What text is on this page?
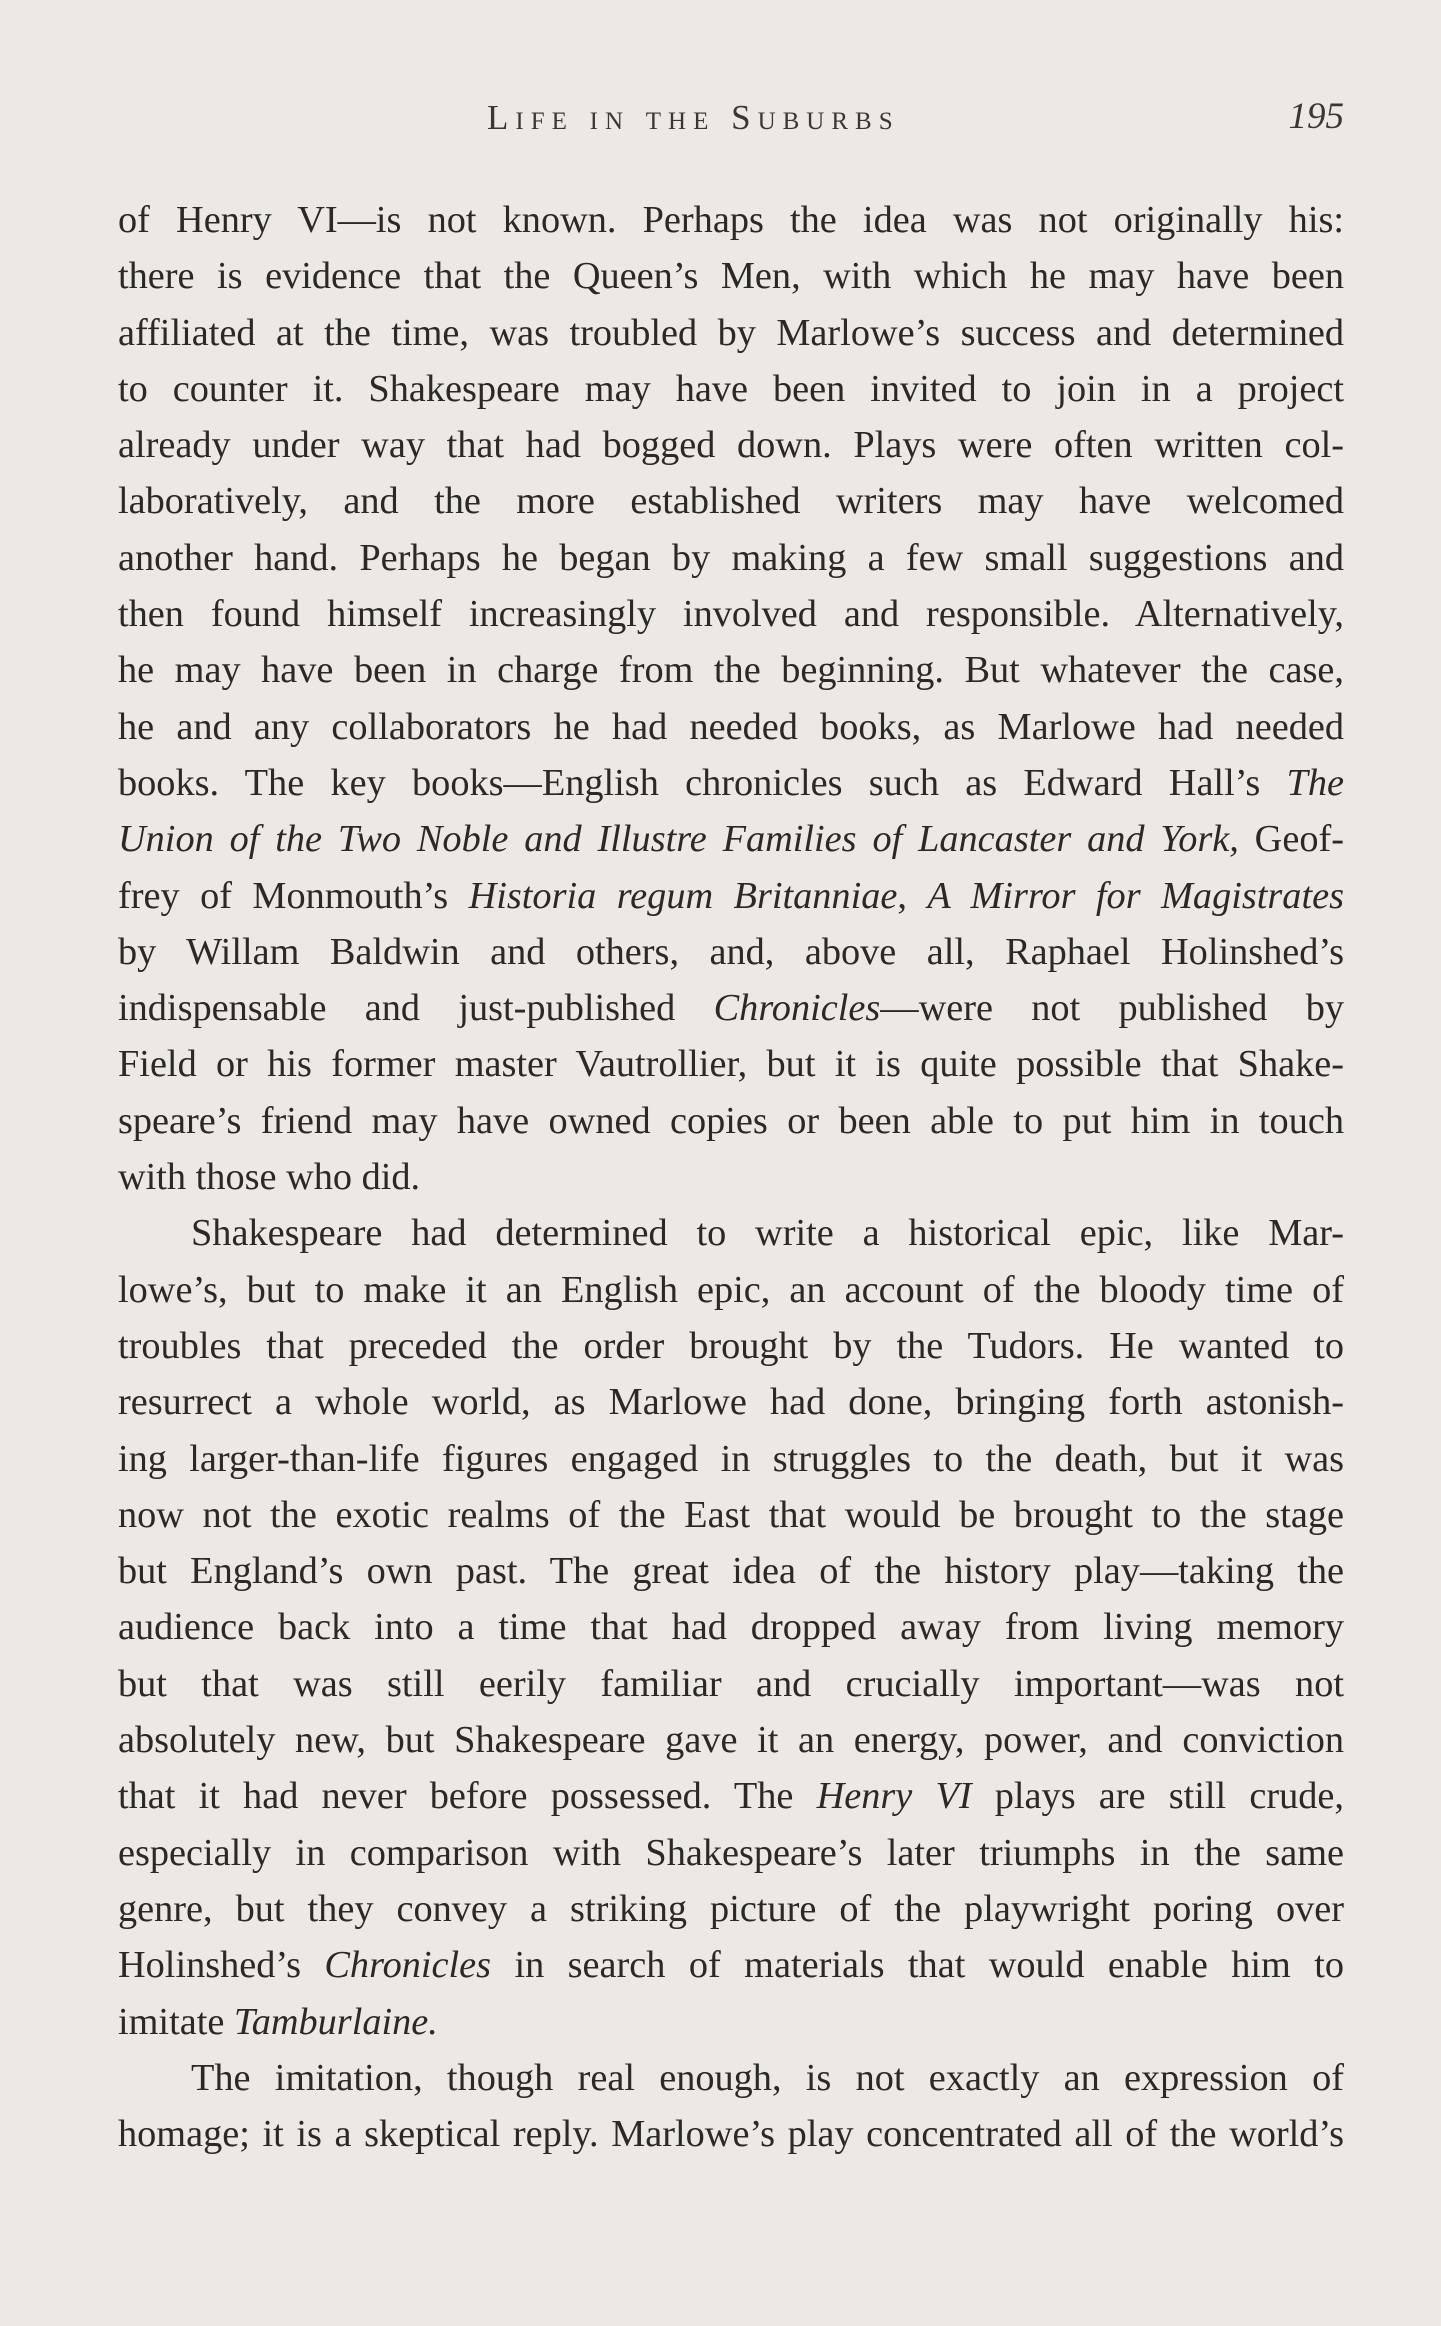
Life in the Suburbs	195
of Henry VI—is not known. Perhaps the idea was not originally his:
there is evidence that the Queen’s Men, with which he may have been
affiliated at the time, was troubled by Marlowe’s success and determined
to counter it. Shakespeare may have been invited to join in a project
already under way that had bogged down. Plays were often written col-
laboratively, and the more established writers may have welcomed
another hand. Perhaps he began by making a few small suggestions and
then found himself increasingly involved and responsible. Alternatively,
he may have been in charge from the beginning. But whatever the case,
he and any collaborators he had needed books, as Marlowe had needed
books. The key books—English chronicles such as Edward Hall’s The
Union of the Two Noble and Illustre Families of Lancaster and York, Geof-
frey of Monmouth’s Historia regum Britanniae, A Mirror for Magistrates
by Willam Baldwin and others, and, above all, Raphael Holinshed’s
indispensable and just-published Chronicles—were not published by
Field or his former master Vautrollier, but it is quite possible that Shake-
speare’s friend may have owned copies or been able to put him in touch
with those who did.
Shakespeare had determined to write a historical epic, like Mar-
lowe’s, but to make it an English epic, an account of the bloody time of
troubles that preceded the order brought by the Tudors. He wanted to
resurrect a whole world, as Marlowe had done, bringing forth astonish-
ing larger-than-life figures engaged in struggles to the death, but it was
now not the exotic realms of the East that would be brought to the stage
but England’s own past. The great idea of the history play—taking the
audience back into a time that had dropped away from living memory
but that was still eerily familiar and crucially important—was not
absolutely new, but Shakespeare gave it an energy, power, and conviction
that it had never before possessed. The Henry VI plays are still crude,
especially in comparison with Shakespeare’s later triumphs in the same
genre, but they convey a striking picture of the playwright poring over
Holinshed’s Chronicles in search of materials that would enable him to
imitate Tamburlaine.
The imitation, though real enough, is not exactly an expression of
homage; it is a skeptical reply. Marlowe’s play concentrated all of the world’s
